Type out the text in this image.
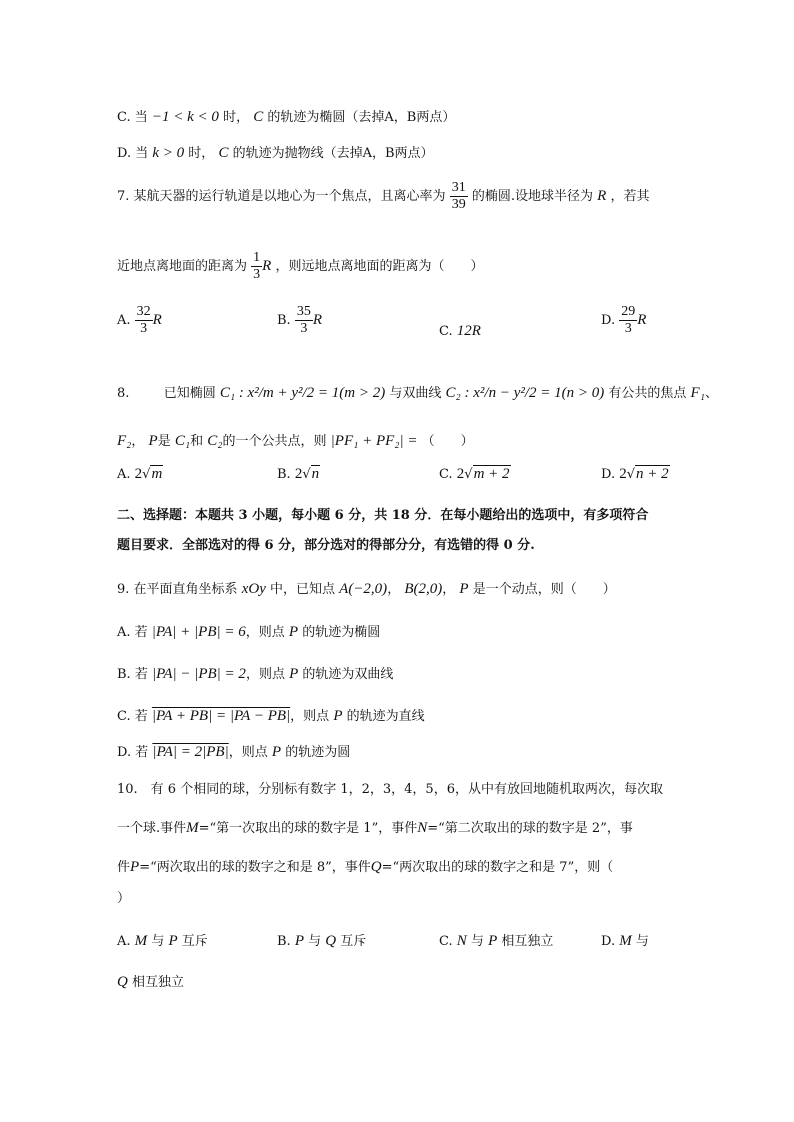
C. 当 −1 < k < 0 时， C 的轨迹为椭圆（去掉A，B两点）
D. 当 k > 0 时， C 的轨迹为抛物线（去掉A，B两点）
7. 某航天器的运行轨道是以地心为一个焦点，且离心率为 $\frac{31}{39}$ 的椭圆.设地球半径为 R ，若其
近地点离地面的距离为 $\frac{1}{3}$ R ，则远地点离地面的距离为（　　）
A. $\frac{32}{3}$ R	B. $\frac{35}{3}$ R
C. 12R
D. $\frac{29}{3}$ R
8.	已知椭圆 C₁ : x²/m + y²/2 = 1(m > 2) 与双曲线 C₂ : x²/n − y²/2 = 1(n > 0) 有公共的焦点 F₁、
F₂， P是 C₁和 C₂的一个公共点，则 |PF₁ + PF₂| = （　　）
A. 2√m	B. 2√n	C. 2√m + 2	D. 2√n + 2
二、选择题：本题共 3 小题，每小题 6 分，共 18 分．在每小题给出的选项中，有多项符合
题目要求．全部选对的得 6 分，部分选对的得部分分，有选错的得 0 分.
9. 在平面直角坐标系 xOy 中，已知点 A(−2,0)， B(2,0)， P 是一个动点，则（　　）
A. 若 |PA| + |PB| = 6，则点 P 的轨迹为椭圆
B. 若 |PA| − |PB| = 2，则点 P 的轨迹为双曲线
C. 若 |PA + PB| = |PA − PB|，则点 P 的轨迹为直线
D. 若 |PA| = 2|PB|，则点 P 的轨迹为圆
10.　有 6 个相同的球，分别标有数字 1，2，3，4，5，6，从中有放回地随机取两次，每次取
一个球.事件M=“第一次取出的球的数字是 1”，事件N=“第二次取出的球的数字是 2”，事
件P=“两次取出的球的数字之和是 8”，事件Q=“两次取出的球的数字之和是 7”，则（
）
A. M 与 P 互斥	B. P 与 Q 互斥	C. N 与 P 相互独立	D. M 与
Q 相互独立
